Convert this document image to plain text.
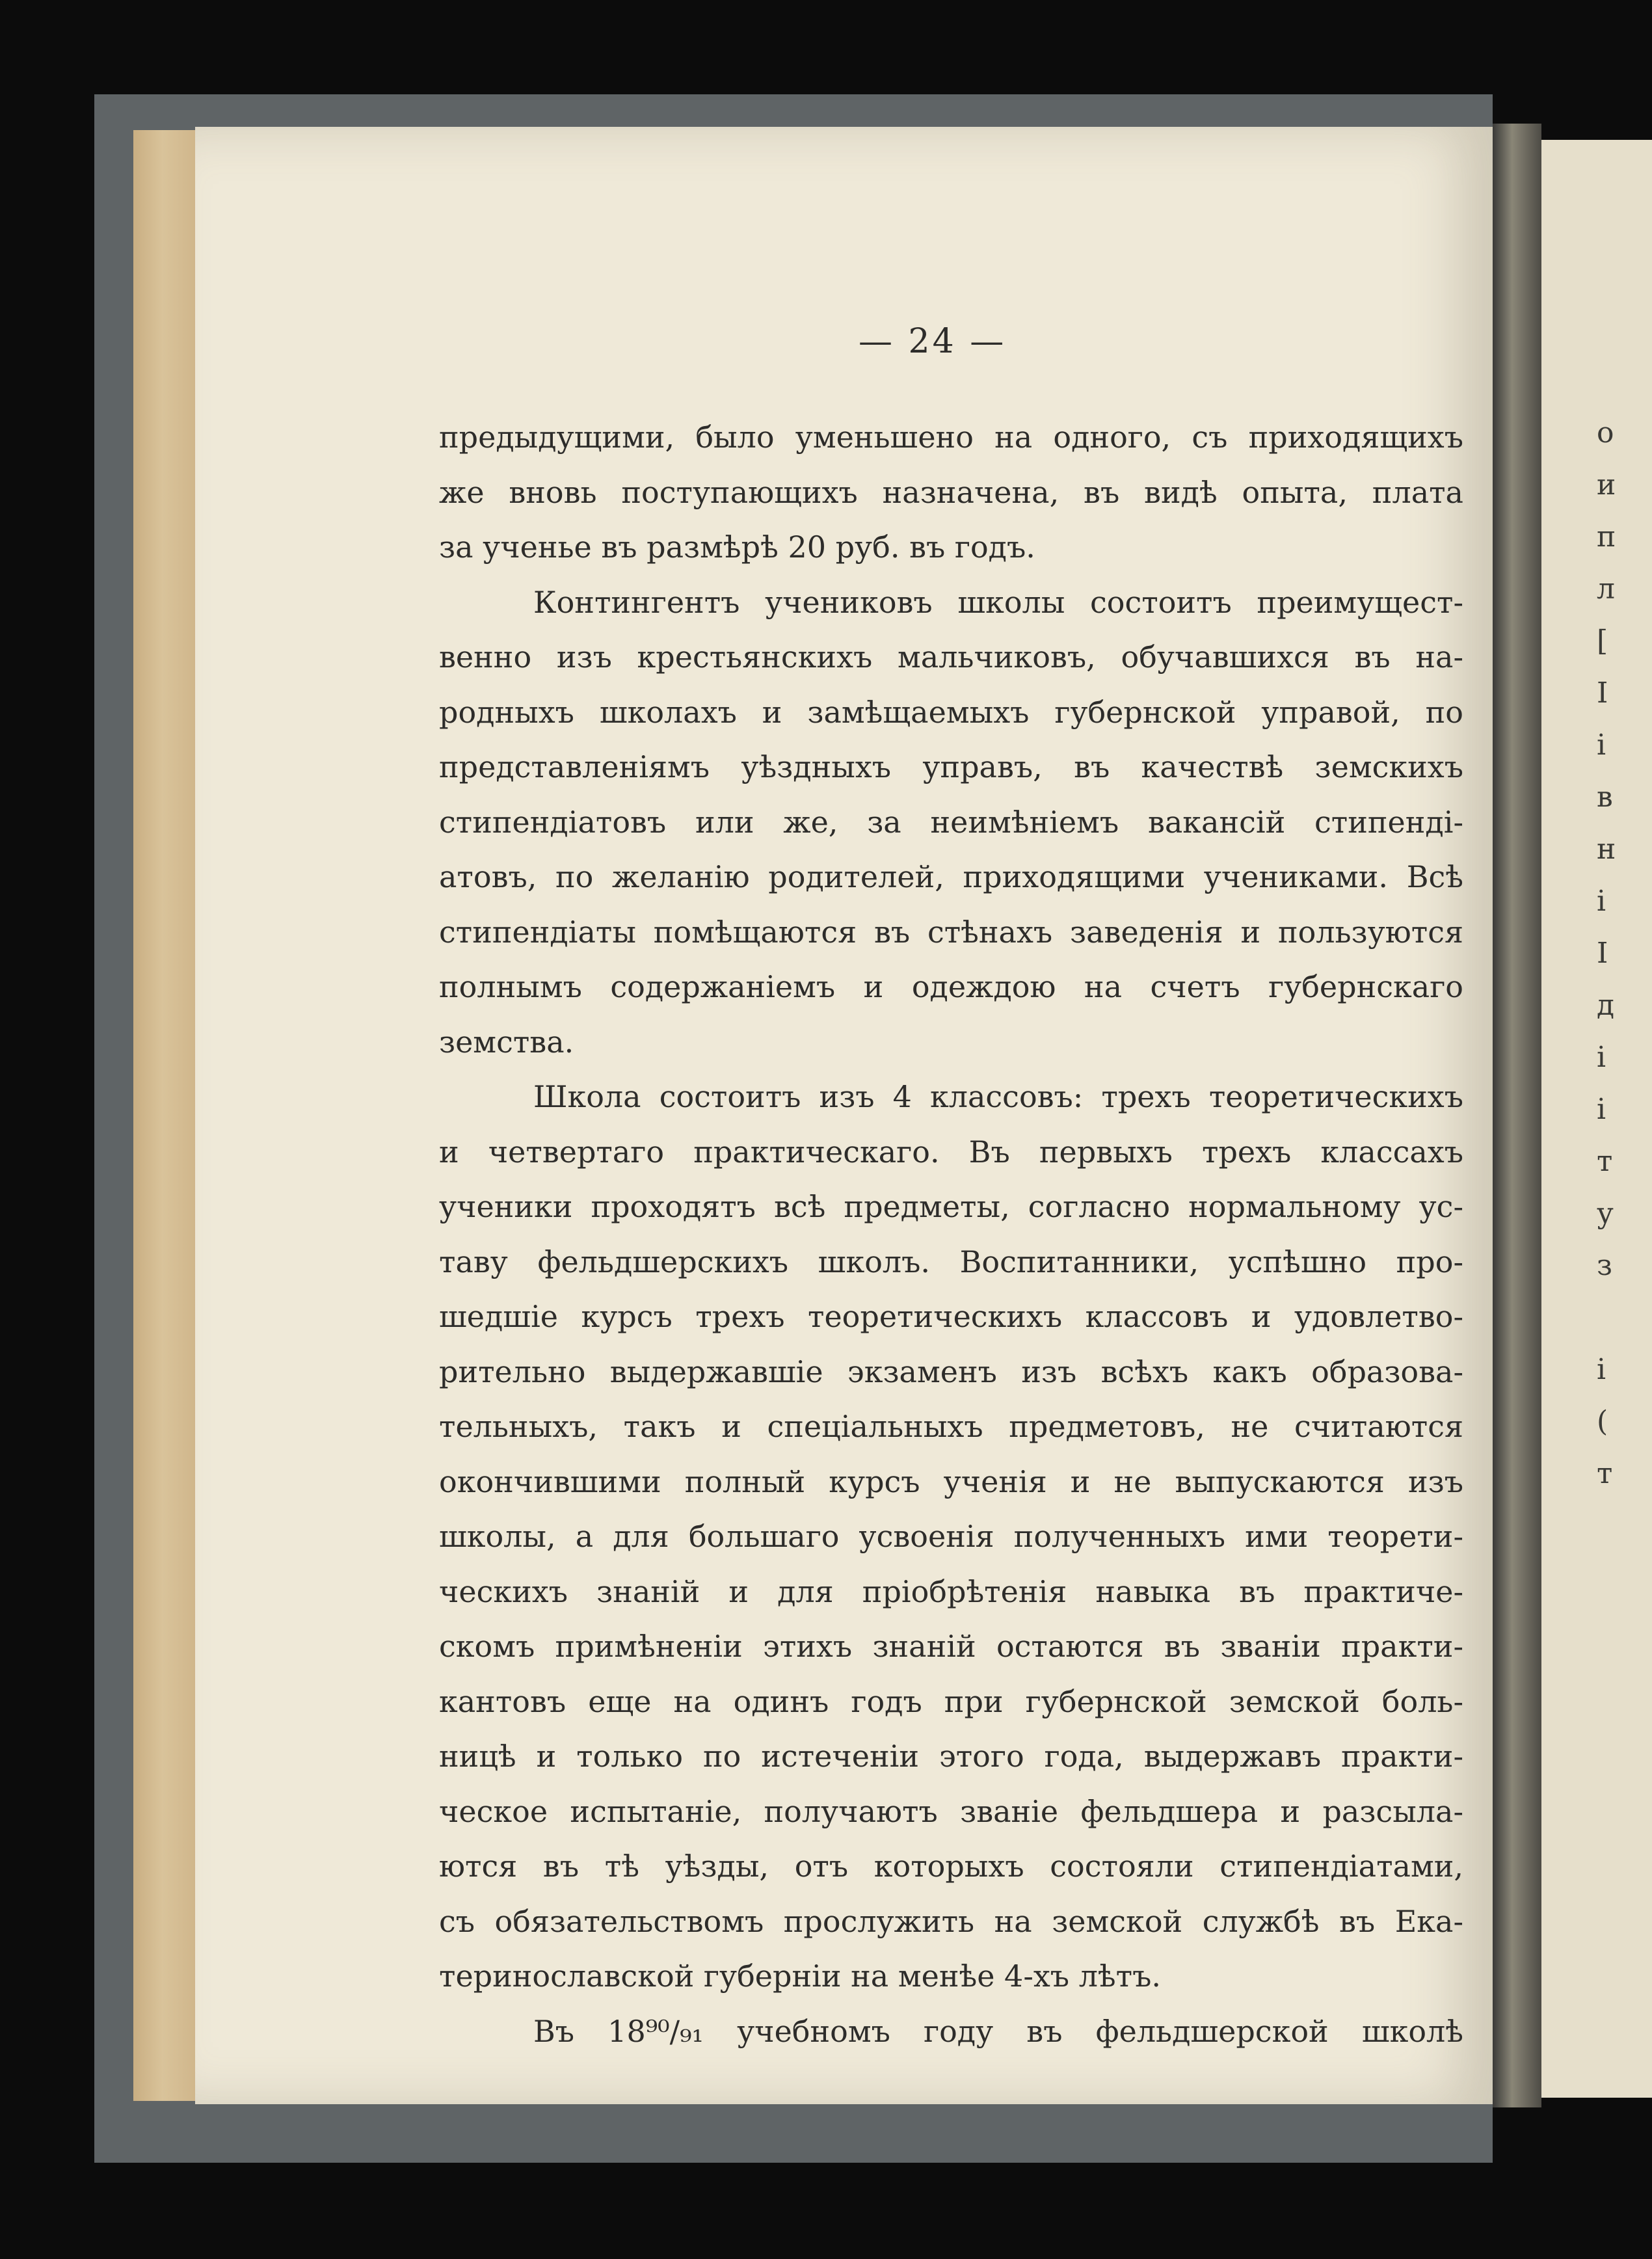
о
и
п
л
[
I
і
в
н
і
I
д
і
і
т
у
з
і
(
т
— 24 —
предыдущими, было уменьшено на одного, съ приходящихъ
же вновь поступающихъ назначена, въ видѣ опыта, плата
за ученье въ размѣрѣ 20 руб. въ годъ.
Контингентъ учениковъ школы состоитъ преимущест-
венно изъ крестьянскихъ мальчиковъ, обучавшихся въ на-
родныхъ школахъ и замѣщаемыхъ губернской управой, по
представленіямъ уѣздныхъ управъ, въ качествѣ земскихъ
стипендіатовъ или же, за неимѣніемъ вакансій стипенді-
атовъ, по желанію родителей, приходящими учениками. Всѣ
стипендіаты помѣщаются въ стѣнахъ заведенія и пользуются
полнымъ содержаніемъ и одеждою на счетъ губернскаго
земства.
Школа состоитъ изъ 4 классовъ: трехъ теоретическихъ
и четвертаго практическаго. Въ первыхъ трехъ классахъ
ученики проходятъ всѣ предметы, согласно нормальному ус-
таву фельдшерскихъ школъ. Воспитанники, успѣшно про-
шедшіе курсъ трехъ теоретическихъ классовъ и удовлетво-
рительно выдержавшіе экзаменъ изъ всѣхъ какъ образова-
тельныхъ, такъ и спеціальныхъ предметовъ, не считаются
окончившими полный курсъ ученія и не выпускаются изъ
школы, а для большаго усвоенія полученныхъ ими теорети-
ческихъ знаній и для пріобрѣтенія навыка въ практиче-
скомъ примѣненіи этихъ знаній остаются въ званіи практи-
кантовъ еще на одинъ годъ при губернской земской боль-
ницѣ и только по истеченіи этого года, выдержавъ практи-
ческое испытаніе, получаютъ званіе фельдшера и разсыла-
ются въ тѣ уѣзды, отъ которыхъ состояли стипендіатами,
съ обязательствомъ прослужить на земской службѣ въ Ека-
теринославской губерніи на менѣе 4-хъ лѣтъ.
Въ 18⁹⁰/₉₁ учебномъ году въ фельдшерской школѣ
